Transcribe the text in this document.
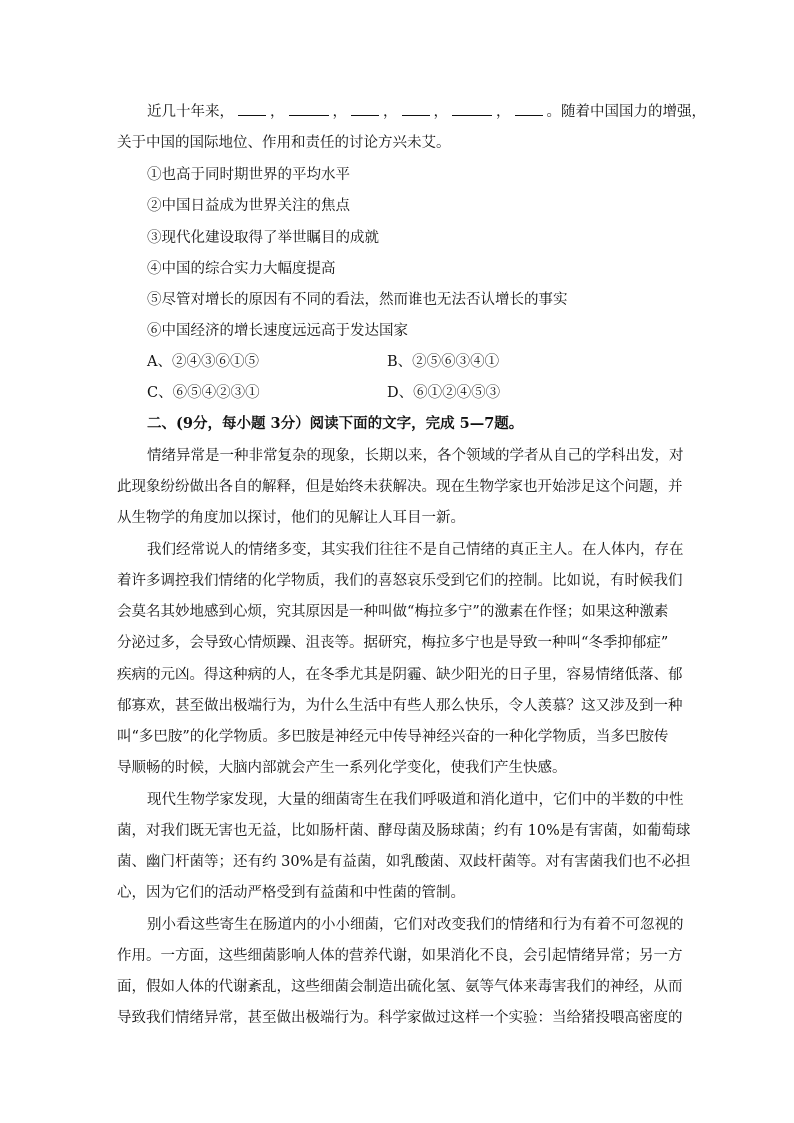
近几十年来， ，	， ， ，	， 。随着中国国力的增强，
关于中国的国际地位、作用和责任的讨论方兴未艾。
①也高于同时期世界的平均水平
②中国日益成为世界关注的焦点
③现代化建设取得了举世瞩目的成就
④中国的综合实力大幅度提高
⑤尽管对增长的原因有不同的看法，然而谁也无法否认增长的事实
⑥中国经济的增长速度远远高于发达国家
A、②④③⑥①⑤	B、②⑤⑥③④①
C、⑥⑤④②③①	D、⑥①②④⑤③
二、(9分，每小题 3分）阅读下面的文字，完成 5—7题。
情绪异常是一种非常复杂的现象，长期以来，各个领域的学者从自己的学科出发，对
此现象纷纷做出各自的解释，但是始终未获解决。现在生物学家也开始涉足这个问题，并
从生物学的角度加以探讨，他们的见解让人耳目一新。
我们经常说人的情绪多变，其实我们往往不是自己情绪的真正主人。在人体内，存在
着许多调控我们情绪的化学物质，我们的喜怒哀乐受到它们的控制。比如说，有时候我们
会莫名其妙地感到心烦，究其原因是一种叫做“梅拉多宁”的激素在作怪；如果这种激素
分泌过多，会导致心情烦躁、沮丧等。据研究，梅拉多宁也是导致一种叫“冬季抑郁症”
疾病的元凶。得这种病的人，在冬季尤其是阴霾、缺少阳光的日子里，容易情绪低落、郁
郁寡欢，甚至做出极端行为，为什么生活中有些人那么快乐，令人羡慕？这又涉及到一种
叫“多巴胺”的化学物质。多巴胺是神经元中传导神经兴奋的一种化学物质，当多巴胺传
导顺畅的时候，大脑内部就会产生一系列化学变化，使我们产生快感。
现代生物学家发现，大量的细菌寄生在我们呼吸道和消化道中，它们中的半数的中性
菌，对我们既无害也无益，比如肠杆菌、酵母菌及肠球菌；约有 10%是有害菌，如葡萄球
菌、幽门杆菌等；还有约 30%是有益菌，如乳酸菌、双歧杆菌等。对有害菌我们也不必担
心，因为它们的活动严格受到有益菌和中性菌的管制。
别小看这些寄生在肠道内的小小细菌，它们对改变我们的情绪和行为有着不可忽视的
作用。一方面，这些细菌影响人体的营养代谢，如果消化不良，会引起情绪异常；另一方
面，假如人体的代谢紊乱，这些细菌会制造出硫化氢、氨等气体来毒害我们的神经，从而
导致我们情绪异常，甚至做出极端行为。科学家做过这样一个实验：当给猪投喂高密度的
